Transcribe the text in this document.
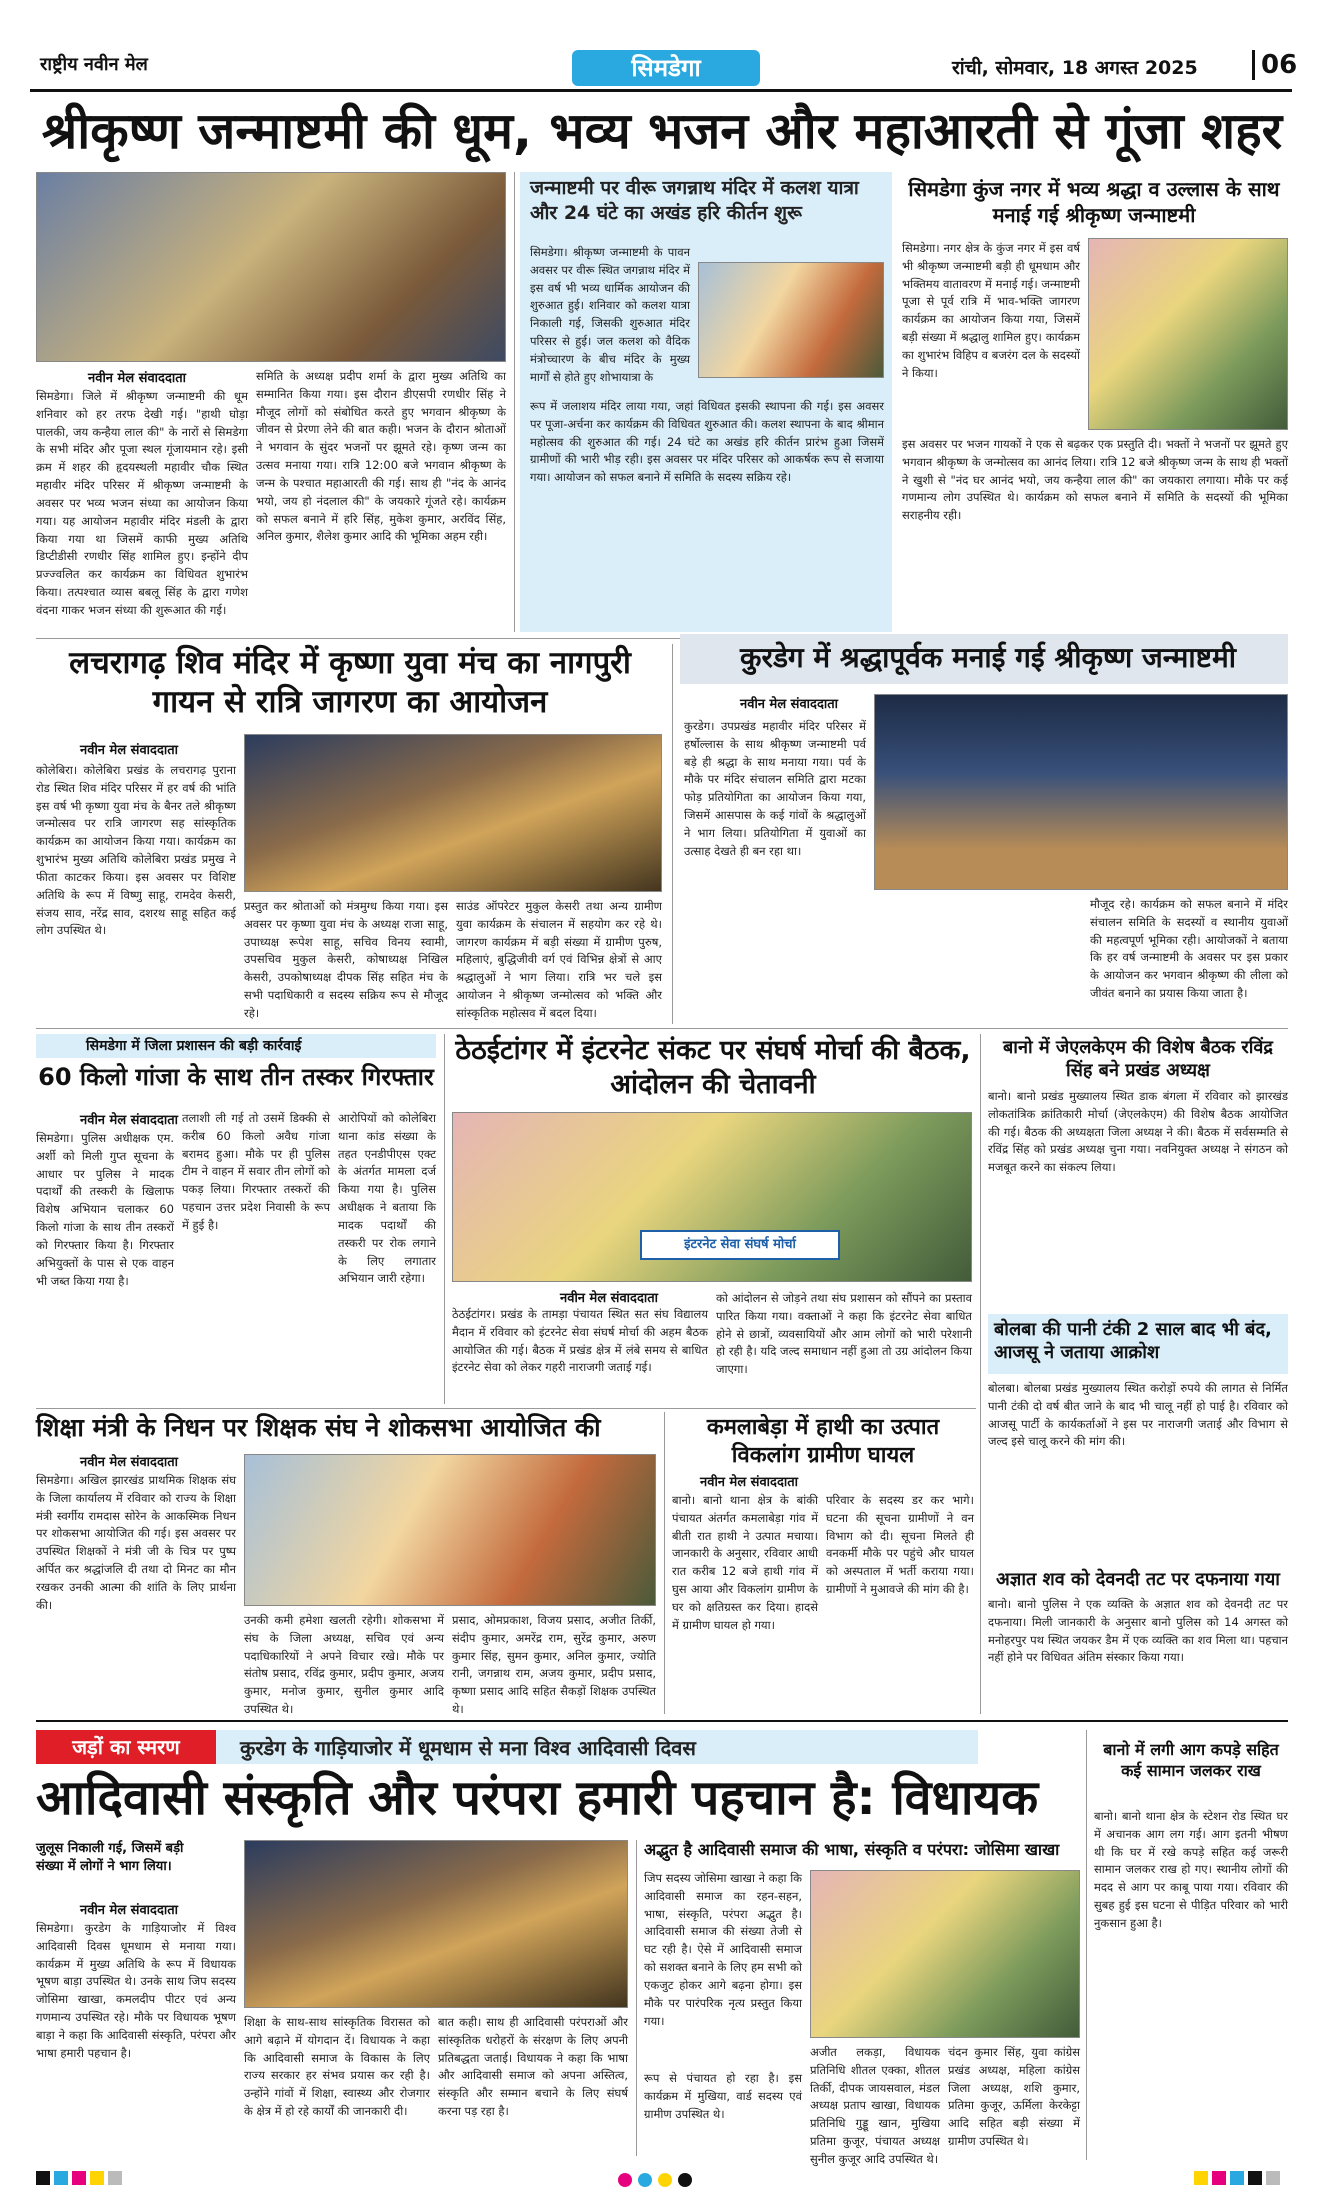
राष्ट्रीय नवीन मेल	सिमडेगा	रांची, सोमवार, 18 अगस्त 2025	06
श्रीकृष्ण जन्माष्टमी की धूम, भव्य भजन और महाआरती से गूंजा शहर
नवीन मेल संवाददाता
सिमडेगा। जिले में श्रीकृष्ण जन्माष्टमी की धूम शनिवार को हर तरफ देखी गई। "हाथी घोड़ा पालकी, जय कन्हैया लाल की" के नारों से सिमडेगा के सभी मंदिर और पूजा स्थल गूंजायमान रहे। इसी क्रम में शहर की हृदयस्थली महावीर चौक स्थित महावीर मंदिर परिसर में श्रीकृष्ण जन्माष्टमी के अवसर पर भव्य भजन संध्या का आयोजन किया गया। यह आयोजन महावीर मंदिर मंडली के द्वारा किया गया था जिसमें काफी मुख्य अतिथि डिप्टीडीसी रणधीर सिंह शामिल हुए। इन्होंने दीप प्रज्ज्वलित कर कार्यक्रम का विधिवत शुभारंभ किया। तत्पश्चात व्यास बबलू सिंह के द्वारा गणेश वंदना गाकर भजन संध्या की शुरूआत की गई।
समिति के अध्यक्ष प्रदीप शर्मा के द्वारा मुख्य अतिथि का सम्मानित किया गया। इस दौरान डीएसपी रणधीर सिंह ने मौजूद लोगों को संबोधित करते हुए भगवान श्रीकृष्ण के जीवन से प्रेरणा लेने की बात कही। भजन के दौरान श्रोताओं ने भगवान के सुंदर भजनों पर झूमते रहे। कृष्ण जन्म का उत्सव मनाया गया। रात्रि 12:00 बजे भगवान श्रीकृष्ण के जन्म के पश्चात महाआरती की गई। साथ ही "नंद के आनंद भयो, जय हो नंदलाल की" के जयकारे गूंजते रहे। कार्यक्रम को सफल बनाने में हरि सिंह, मुकेश कुमार, अरविंद सिंह, अनिल कुमार, शैलेश कुमार आदि की भूमिका अहम रही।
जन्माष्टमी पर वीरू जगन्नाथ मंदिर में कलश यात्रा और 24 घंटे का अखंड हरि कीर्तन शुरू
सिमडेगा। श्रीकृष्ण जन्माष्टमी के पावन अवसर पर वीरू स्थित जगन्नाथ मंदिर में इस वर्ष भी भव्य धार्मिक आयोजन की शुरुआत हुई। शनिवार को कलश यात्रा निकाली गई, जिसकी शुरुआत मंदिर परिसर से हुई। जल कलश को वैदिक मंत्रोच्चारण के बीच मंदिर के मुख्य मार्गों से होते हुए शोभायात्रा के
रूप में जलाशय मंदिर लाया गया, जहां विधिवत इसकी स्थापना की गई। इस अवसर पर पूजा-अर्चना कर कार्यक्रम की विधिवत शुरुआत की। कलश स्थापना के बाद श्रीमान महोत्सव की शुरुआत की गई। 24 घंटे का अखंड हरि कीर्तन प्रारंभ हुआ जिसमें ग्रामीणों की भारी भीड़ रही। इस अवसर पर मंदिर परिसर को आकर्षक रूप से सजाया गया। आयोजन को सफल बनाने में समिति के सदस्य सक्रिय रहे।
सिमडेगा कुंज नगर में भव्य श्रद्धा व उल्लास के साथ मनाई गई श्रीकृष्ण जन्माष्टमी
सिमडेगा। नगर क्षेत्र के कुंज नगर में इस वर्ष भी श्रीकृष्ण जन्माष्टमी बड़ी ही धूमधाम और भक्तिमय वातावरण में मनाई गई। जन्माष्टमी पूजा से पूर्व रात्रि में भाव-भक्ति जागरण कार्यक्रम का आयोजन किया गया, जिसमें बड़ी संख्या में श्रद्धालु शामिल हुए। कार्यक्रम का शुभारंभ विहिप व बजरंग दल के सदस्यों ने किया।
इस अवसर पर भजन गायकों ने एक से बढ़कर एक प्रस्तुति दी। भक्तों ने भजनों पर झूमते हुए भगवान श्रीकृष्ण के जन्मोत्सव का आनंद लिया। रात्रि 12 बजे श्रीकृष्ण जन्म के साथ ही भक्तों ने खुशी से "नंद घर आनंद भयो, जय कन्हैया लाल की" का जयकारा लगाया। मौके पर कई गणमान्य लोग उपस्थित थे। कार्यक्रम को सफल बनाने में समिति के सदस्यों की भूमिका सराहनीय रही।
लचरागढ़ शिव मंदिर में कृष्णा युवा मंच का नागपुरी गायन से रात्रि जागरण का आयोजन
नवीन मेल संवाददाता
कोलेबिरा। कोलेबिरा प्रखंड के लचरागढ़ पुराना रोड स्थित शिव मंदिर परिसर में हर वर्ष की भांति इस वर्ष भी कृष्णा युवा मंच के बैनर तले श्रीकृष्ण जन्मोत्सव पर रात्रि जागरण सह सांस्कृतिक कार्यक्रम का आयोजन किया गया। कार्यक्रम का शुभारंभ मुख्य अतिथि कोलेबिरा प्रखंड प्रमुख ने फीता काटकर किया। इस अवसर पर विशिष्ट अतिथि के रूप में विष्णु साहू, रामदेव केसरी, संजय साव, नरेंद्र साव, दशरथ साहू सहित कई लोग उपस्थित थे।
प्रस्तुत कर श्रोताओं को मंत्रमुग्ध किया गया। इस अवसर पर कृष्णा युवा मंच के अध्यक्ष राजा साहू, उपाध्यक्ष रूपेश साहू, सचिव विनय स्वामी, उपसचिव मुकुल केसरी, कोषाध्यक्ष निखिल केसरी, उपकोषाध्यक्ष दीपक सिंह सहित मंच के सभी पदाधिकारी व सदस्य सक्रिय रूप से मौजूद रहे।
साउंड ऑपरेटर मुकुल केसरी तथा अन्य ग्रामीण युवा कार्यक्रम के संचालन में सहयोग कर रहे थे। जागरण कार्यक्रम में बड़ी संख्या में ग्रामीण पुरुष, महिलाएं, बुद्धिजीवी वर्ग एवं विभिन्न क्षेत्रों से आए श्रद्धालुओं ने भाग लिया। रात्रि भर चले इस आयोजन ने श्रीकृष्ण जन्मोत्सव को भक्ति और सांस्कृतिक महोत्सव में बदल दिया।
कुरडेग में श्रद्धापूर्वक मनाई गई श्रीकृष्ण जन्माष्टमी
नवीन मेल संवाददाता
कुरडेग। उपप्रखंड महावीर मंदिर परिसर में हर्षोल्लास के साथ श्रीकृष्ण जन्माष्टमी पर्व बड़े ही श्रद्धा के साथ मनाया गया। पर्व के मौके पर मंदिर संचालन समिति द्वारा मटका फोड़ प्रतियोगिता का आयोजन किया गया, जिसमें आसपास के कई गांवों के श्रद्धालुओं ने भाग लिया। प्रतियोगिता में युवाओं का उत्साह देखते ही बन रहा था।
मौजूद रहे। कार्यक्रम को सफल बनाने में मंदिर संचालन समिति के सदस्यों व स्थानीय युवाओं की महत्वपूर्ण भूमिका रही। आयोजकों ने बताया कि हर वर्ष जन्माष्टमी के अवसर पर इस प्रकार के आयोजन कर भगवान श्रीकृष्ण की लीला को जीवंत बनाने का प्रयास किया जाता है।
सिमडेगा में जिला प्रशासन की बड़ी कार्रवाई
60 किलो गांजा के साथ तीन तस्कर गिरफ्तार
नवीन मेल संवाददाता
सिमडेगा। पुलिस अधीक्षक एम. अर्शी को मिली गुप्त सूचना के आधार पर पुलिस ने मादक पदार्थों की तस्करी के खिलाफ विशेष अभियान चलाकर 60 किलो गांजा के साथ तीन तस्करों को गिरफ्तार किया है। गिरफ्तार अभियुक्तों के पास से एक वाहन भी जब्त किया गया है।
तलाशी ली गई तो उसमें डिक्की से करीब 60 किलो अवैध गांजा बरामद हुआ। मौके पर ही पुलिस टीम ने वाहन में सवार तीन लोगों को पकड़ लिया। गिरफ्तार तस्करों की पहचान उत्तर प्रदेश निवासी के रूप में हुई है।
आरोपियों को कोलेबिरा थाना कांड संख्या के तहत एनडीपीएस एक्ट के अंतर्गत मामला दर्ज किया गया है। पुलिस अधीक्षक ने बताया कि मादक पदार्थों की तस्करी पर रोक लगाने के लिए लगातार अभियान जारी रहेगा।
ठेठईटांगर में इंटरनेट संकट पर संघर्ष मोर्चा की बैठक, आंदोलन की चेतावनी
इंटरनेट सेवा संघर्ष मोर्चा
नवीन मेल संवाददाता
ठेठईटांगर। प्रखंड के तामड़ा पंचायत स्थित सत संघ विद्यालय मैदान में रविवार को इंटरनेट सेवा संघर्ष मोर्चा की अहम बैठक आयोजित की गई। बैठक में प्रखंड क्षेत्र में लंबे समय से बाधित इंटरनेट सेवा को लेकर गहरी नाराजगी जताई गई।
को आंदोलन से जोड़ने तथा संघ प्रशासन को सौंपने का प्रस्ताव पारित किया गया। वक्ताओं ने कहा कि इंटरनेट सेवा बाधित होने से छात्रों, व्यवसायियों और आम लोगों को भारी परेशानी हो रही है। यदि जल्द समाधान नहीं हुआ तो उग्र आंदोलन किया जाएगा।
बानो में जेएलकेएम की विशेष बैठक रविंद्र सिंह बने प्रखंड अध्यक्ष
बानो। बानो प्रखंड मुख्यालय स्थित डाक बंगला में रविवार को झारखंड लोकतांत्रिक क्रांतिकारी मोर्चा (जेएलकेएम) की विशेष बैठक आयोजित की गई। बैठक की अध्यक्षता जिला अध्यक्ष ने की। बैठक में सर्वसम्मति से रविंद्र सिंह को प्रखंड अध्यक्ष चुना गया। नवनियुक्त अध्यक्ष ने संगठन को मजबूत करने का संकल्प लिया।
बोलबा की पानी टंकी 2 साल बाद भी बंद, आजसू ने जताया आक्रोश
बोलबा। बोलबा प्रखंड मुख्यालय स्थित करोड़ों रुपये की लागत से निर्मित पानी टंकी दो वर्ष बीत जाने के बाद भी चालू नहीं हो पाई है। रविवार को आजसू पार्टी के कार्यकर्ताओं ने इस पर नाराजगी जताई और विभाग से जल्द इसे चालू करने की मांग की।
अज्ञात शव को देवनदी तट पर दफनाया गया
बानो। बानो पुलिस ने एक व्यक्ति के अज्ञात शव को देवनदी तट पर दफनाया। मिली जानकारी के अनुसार बानो पुलिस को 14 अगस्त को मनोहरपुर पथ स्थित जयकर डैम में एक व्यक्ति का शव मिला था। पहचान नहीं होने पर विधिवत अंतिम संस्कार किया गया।
शिक्षा मंत्री के निधन पर शिक्षक संघ ने शोकसभा आयोजित की
नवीन मेल संवाददाता
सिमडेगा। अखिल झारखंड प्राथमिक शिक्षक संघ के जिला कार्यालय में रविवार को राज्य के शिक्षा मंत्री स्वर्गीय रामदास सोरेन के आकस्मिक निधन पर शोकसभा आयोजित की गई। इस अवसर पर उपस्थित शिक्षकों ने मंत्री जी के चित्र पर पुष्प अर्पित कर श्रद्धांजलि दी तथा दो मिनट का मौन रखकर उनकी आत्मा की शांति के लिए प्रार्थना की।
उनकी कमी हमेशा खलती रहेगी। शोकसभा में संघ के जिला अध्यक्ष, सचिव एवं अन्य पदाधिकारियों ने अपने विचार रखे। मौके पर संतोष प्रसाद, रविंद्र कुमार, प्रदीप कुमार, अजय कुमार, मनोज कुमार, सुनील कुमार आदि उपस्थित थे।
प्रसाद, ओमप्रकाश, विजय प्रसाद, अजीत तिर्की, संदीप कुमार, अमरेंद्र राम, सुरेंद्र कुमार, अरुण कुमार सिंह, सुमन कुमार, अनिल कुमार, ज्योति रानी, जगन्नाथ राम, अजय कुमार, प्रदीप प्रसाद, कृष्णा प्रसाद आदि सहित सैकड़ों शिक्षक उपस्थित थे।
कमलाबेड़ा में हाथी का उत्पात विकलांग ग्रामीण घायल
नवीन मेल संवाददाता
बानो। बानो थाना क्षेत्र के बांकी पंचायत अंतर्गत कमलाबेड़ा गांव में बीती रात हाथी ने उत्पात मचाया। जानकारी के अनुसार, रविवार आधी रात करीब 12 बजे हाथी गांव में घुस आया और विकलांग ग्रामीण के घर को क्षतिग्रस्त कर दिया। हादसे में ग्रामीण घायल हो गया।
परिवार के सदस्य डर कर भागे। घटना की सूचना ग्रामीणों ने वन विभाग को दी। सूचना मिलते ही वनकर्मी मौके पर पहुंचे और घायल को अस्पताल में भर्ती कराया गया। ग्रामीणों ने मुआवजे की मांग की है।
जड़ों का स्मरण	कुरडेग के गाड़ियाजोर में धूमधाम से मना विश्व आदिवासी दिवस
आदिवासी संस्कृति और परंपरा हमारी पहचान है: विधायक
बानो में लगी आग कपड़े सहित कई सामान जलकर राख
बानो। बानो थाना क्षेत्र के स्टेशन रोड स्थित घर में अचानक आग लग गई। आग इतनी भीषण थी कि घर में रखे कपड़े सहित कई जरूरी सामान जलकर राख हो गए। स्थानीय लोगों की मदद से आग पर काबू पाया गया। रविवार की सुबह हुई इस घटना से पीड़ित परिवार को भारी नुकसान हुआ है।
जुलूस निकाली गई, जिसमें बड़ी संख्या में लोगों ने भाग लिया।
नवीन मेल संवाददाता
सिमडेगा। कुरडेग के गाड़ियाजोर में विश्व आदिवासी दिवस धूमधाम से मनाया गया। कार्यक्रम में मुख्य अतिथि के रूप में विधायक भूषण बाड़ा उपस्थित थे। उनके साथ जिप सदस्य जोसिमा खाखा, कमलदीप पीटर एवं अन्य गणमान्य उपस्थित रहे। मौके पर विधायक भूषण बाड़ा ने कहा कि आदिवासी संस्कृति, परंपरा और भाषा हमारी पहचान है।
शिक्षा के साथ-साथ सांस्कृतिक विरासत को आगे बढ़ाने में योगदान दें। विधायक ने कहा कि आदिवासी समाज के विकास के लिए राज्य सरकार हर संभव प्रयास कर रही है। उन्होंने गांवों में शिक्षा, स्वास्थ्य और रोजगार के क्षेत्र में हो रहे कार्यों की जानकारी दी।
बात कही। साथ ही आदिवासी परंपराओं और सांस्कृतिक धरोहरों के संरक्षण के लिए अपनी प्रतिबद्धता जताई। विधायक ने कहा कि भाषा और आदिवासी समाज को अपना अस्तित्व, संस्कृति और सम्मान बचाने के लिए संघर्ष करना पड़ रहा है।
अद्भुत है आदिवासी समाज की भाषा, संस्कृति व परंपरा: जोसिमा खाखा
जिप सदस्य जोसिमा खाखा ने कहा कि आदिवासी समाज का रहन-सहन, भाषा, संस्कृति, परंपरा अद्भुत है। आदिवासी समाज की संख्या तेजी से घट रही है। ऐसे में आदिवासी समाज को सशक्त बनाने के लिए हम सभी को एकजुट होकर आगे बढ़ना होगा। इस मौके पर पारंपरिक नृत्य प्रस्तुत किया गया।
रूप से पंचायत हो रहा है। इस कार्यक्रम में मुखिया, वार्ड सदस्य एवं ग्रामीण उपस्थित थे।
अजीत लकड़ा, विधायक प्रतिनिधि शीतल एक्का, शीतल तिर्की, दीपक जायसवाल, मंडल अध्यक्ष प्रताप खाखा, विधायक प्रतिनिधि गुड्डू खान, मुखिया प्रतिमा कुजूर, पंचायत अध्यक्ष सुनील कुजूर आदि उपस्थित थे।
चंदन कुमार सिंह, युवा कांग्रेस प्रखंड अध्यक्ष, महिला कांग्रेस जिला अध्यक्ष, शशि कुमार, प्रतिमा कुजूर, ऊर्मिला केरकेट्टा आदि सहित बड़ी संख्या में ग्रामीण उपस्थित थे।
